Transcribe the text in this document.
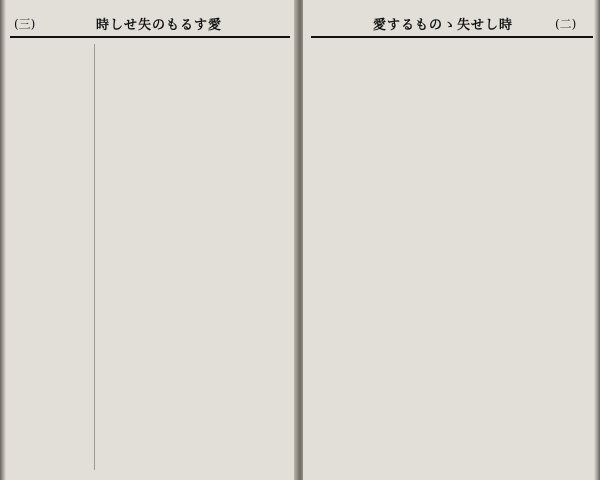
(三)	時しせ失のもるす愛	愛するものゝ失せし時	(二)
